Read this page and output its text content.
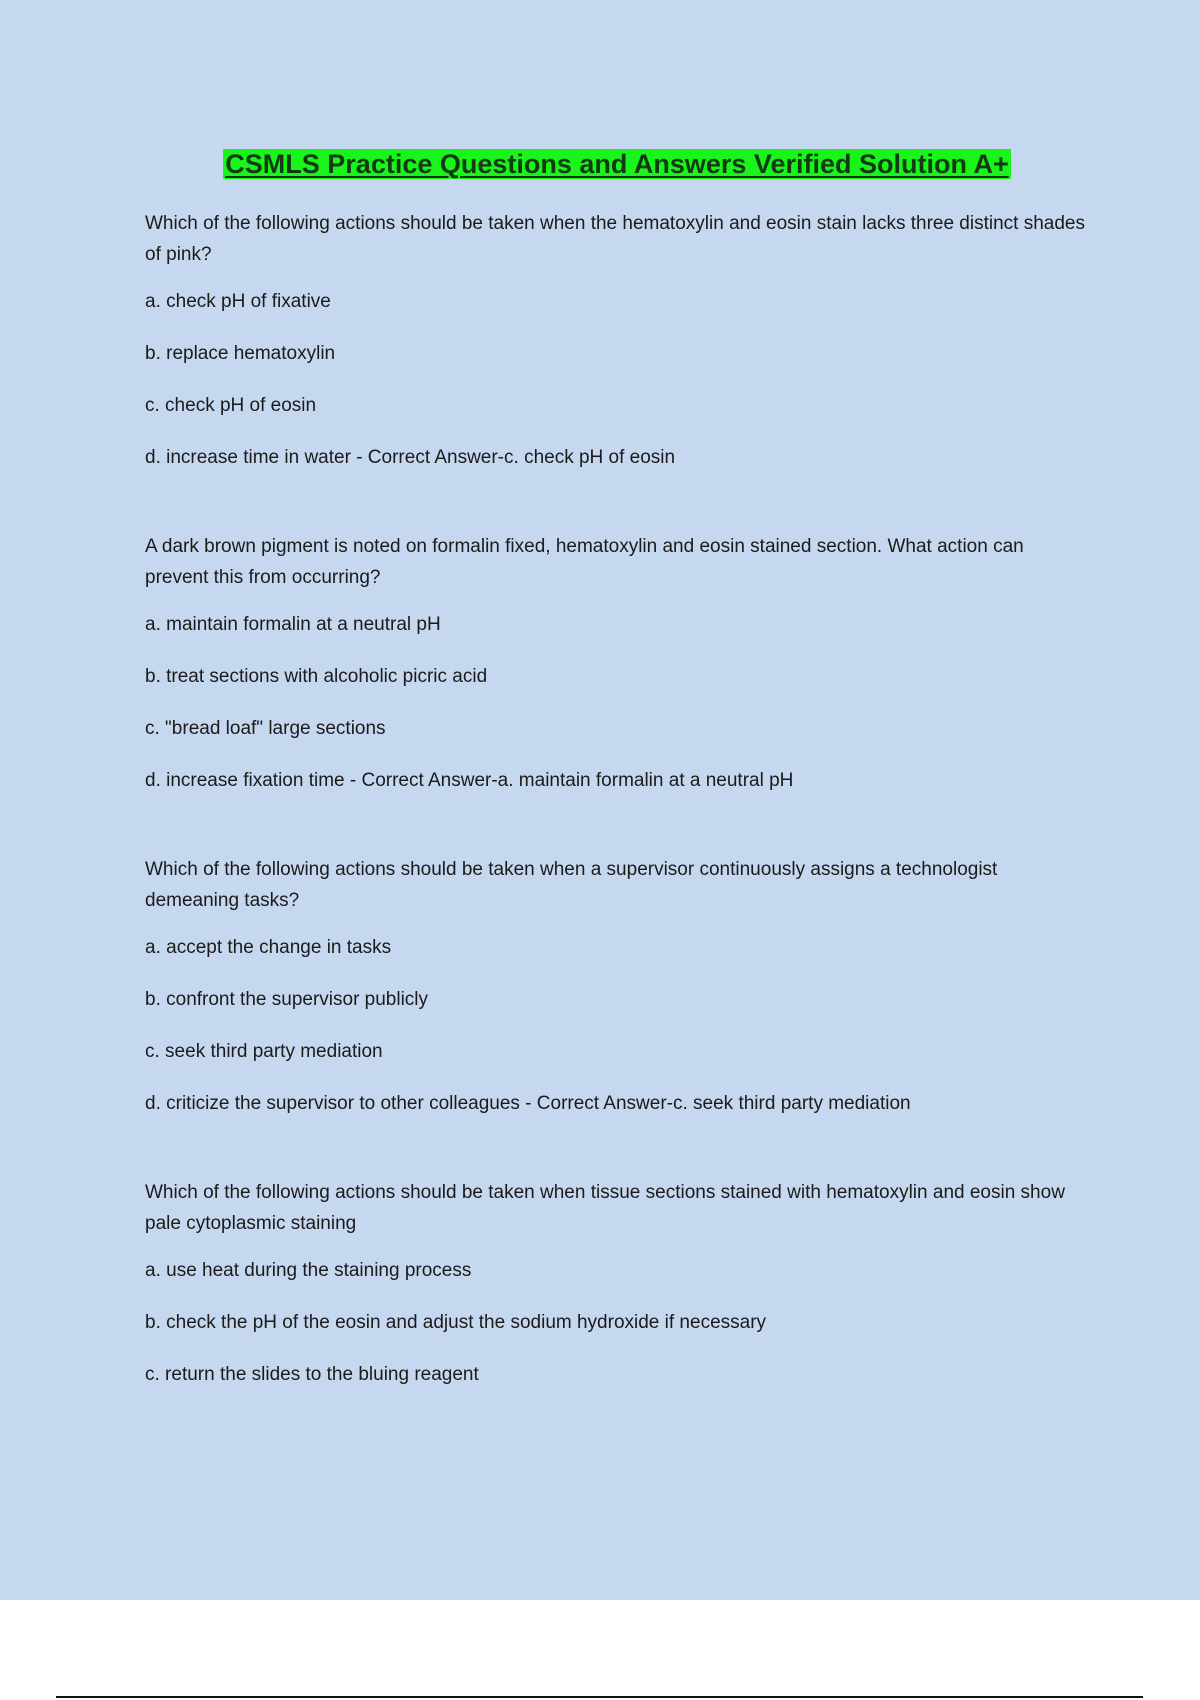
CSMLS Practice Questions and Answers Verified Solution A+
Which of the following actions should be taken when the hematoxylin and eosin stain lacks three distinct shades of pink?
a. check pH of fixative
b. replace hematoxylin
c. check pH of eosin
d. increase time in water - Correct Answer-c. check pH of eosin
A dark brown pigment is noted on formalin fixed, hematoxylin and eosin stained section. What action can prevent this from occurring?
a. maintain formalin at a neutral pH
b. treat sections with alcoholic picric acid
c. "bread loaf" large sections
d. increase fixation time - Correct Answer-a. maintain formalin at a neutral pH
Which of the following actions should be taken when a supervisor continuously assigns a technologist demeaning tasks?
a. accept the change in tasks
b. confront the supervisor publicly
c. seek third party mediation
d. criticize the supervisor to other colleagues - Correct Answer-c. seek third party mediation
Which of the following actions should be taken when tissue sections stained with hematoxylin and eosin show pale cytoplasmic staining
a. use heat during the staining process
b. check the pH of the eosin and adjust the sodium hydroxide if necessary
c. return the slides to the bluing reagent
